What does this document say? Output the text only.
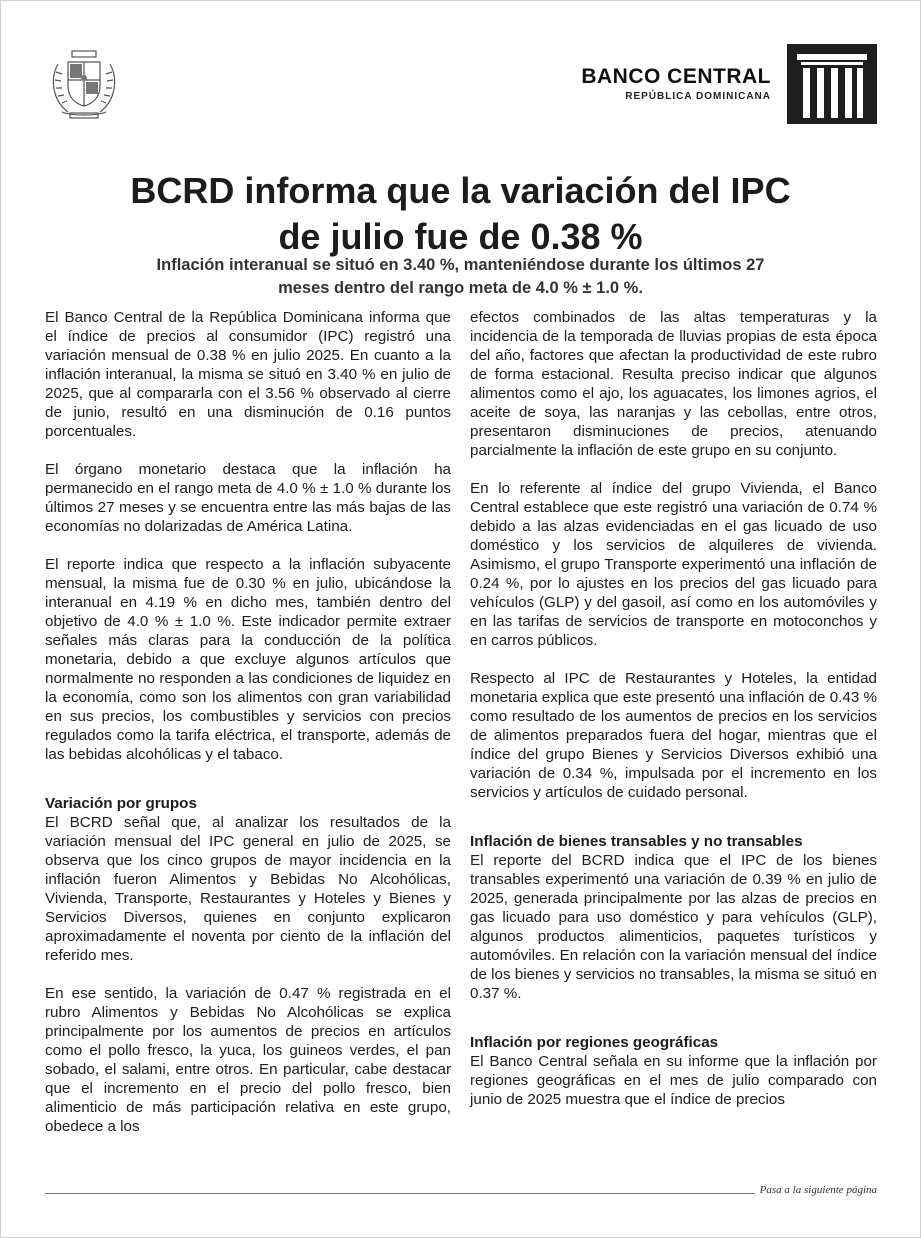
BANCO CENTRAL
REPÚBLICA DOMINICANA
BCRD informa que la variación del IPC
de julio fue de 0.38 %
Inflación interanual se situó en 3.40 %, manteniéndose durante los últimos 27
meses dentro del rango meta de 4.0 % ± 1.0 %.

El Banco Central de la República Dominicana informa que el índice de precios al consumidor (IPC) registró una variación mensual de 0.38 % en julio 2025. En cuanto a la inflación interanual, la misma se situó en 3.40 % en julio de 2025, que al compararla con el 3.56 % observado al cierre de junio, resultó en una disminución de 0.16 puntos porcentuales.

El órgano monetario destaca que la inflación ha permanecido en el rango meta de 4.0 % ± 1.0 % durante los últimos 27 meses y se encuentra entre las más bajas de las economías no dolarizadas de América Latina.

El reporte indica que respecto a la inflación subyacente mensual, la misma fue de 0.30 % en julio, ubicándose la interanual en 4.19 % en dicho mes, también dentro del objetivo de 4.0 % ± 1.0 %. Este indicador permite extraer señales más claras para la conducción de la política monetaria, debido a que excluye algunos artículos que normalmente no responden a las condiciones de liquidez en la economía, como son los alimentos con gran variabilidad en sus precios, los combustibles y servicios con precios regulados como la tarifa eléctrica, el transporte, además de las bebidas alcohólicas y el tabaco.

Variación por grupos

El BCRD señal que, al analizar los resultados de la variación mensual del IPC general en julio de 2025, se observa que los cinco grupos de mayor incidencia en la inflación fueron Alimentos y Bebidas No Alcohólicas, Vivienda, Transporte, Restaurantes y Hoteles y Bienes y Servicios Diversos, quienes en conjunto explicaron aproximadamente el noventa por ciento de la inflación del referido mes.

En ese sentido, la variación de 0.47 % registrada en el rubro Alimentos y Bebidas No Alcohólicas se explica principalmente por los aumentos de precios en artículos como el pollo fresco, la yuca, los guineos verdes, el pan sobado, el salami, entre otros. En particular, cabe destacar que el incremento en el precio del pollo fresco, bien alimenticio de más participación relativa en este grupo, obedece a los

efectos combinados de las altas temperaturas y la incidencia de la temporada de lluvias propias de esta época del año, factores que afectan la productividad de este rubro de forma estacional. Resulta preciso indicar que algunos alimentos como el ajo, los aguacates, los limones agrios, el aceite de soya, las naranjas y las cebollas, entre otros, presentaron disminuciones de precios, atenuando parcialmente la inflación de este grupo en su conjunto.

En lo referente al índice del grupo Vivienda, el Banco Central establece que este registró una variación de 0.74 % debido a las alzas evidenciadas en el gas licuado de uso doméstico y los servicios de alquileres de vivienda. Asimismo, el grupo Transporte experimentó una inflación de 0.24 %, por lo ajustes en los precios del gas licuado para vehículos (GLP) y del gasoil, así como en los automóviles y en las tarifas de servicios de transporte en motoconchos y en carros públicos.

Respecto al IPC de Restaurantes y Hoteles, la entidad monetaria explica que este presentó una inflación de 0.43 % como resultado de los aumentos de precios en los servicios de alimentos preparados fuera del hogar, mientras que el índice del grupo Bienes y Servicios Diversos exhibió una variación de 0.34 %, impulsada por el incremento en los servicios y artículos de cuidado personal.

Inflación de bienes transables y no transables

El reporte del BCRD indica que el IPC de los bienes transables experimentó una variación de 0.39 % en julio de 2025, generada principalmente por las alzas de precios en gas licuado para uso doméstico y para vehículos (GLP), algunos productos alimenticios, paquetes turísticos y automóviles. En relación con la variación mensual del índice de los bienes y servicios no transables, la misma se situó en 0.37 %.

Inflación por regiones geográficas

El Banco Central señala en su informe que la inflación por regiones geográficas en el mes de julio comparado con junio de 2025 muestra que el índice de precios

Pasa a la siguiente página
